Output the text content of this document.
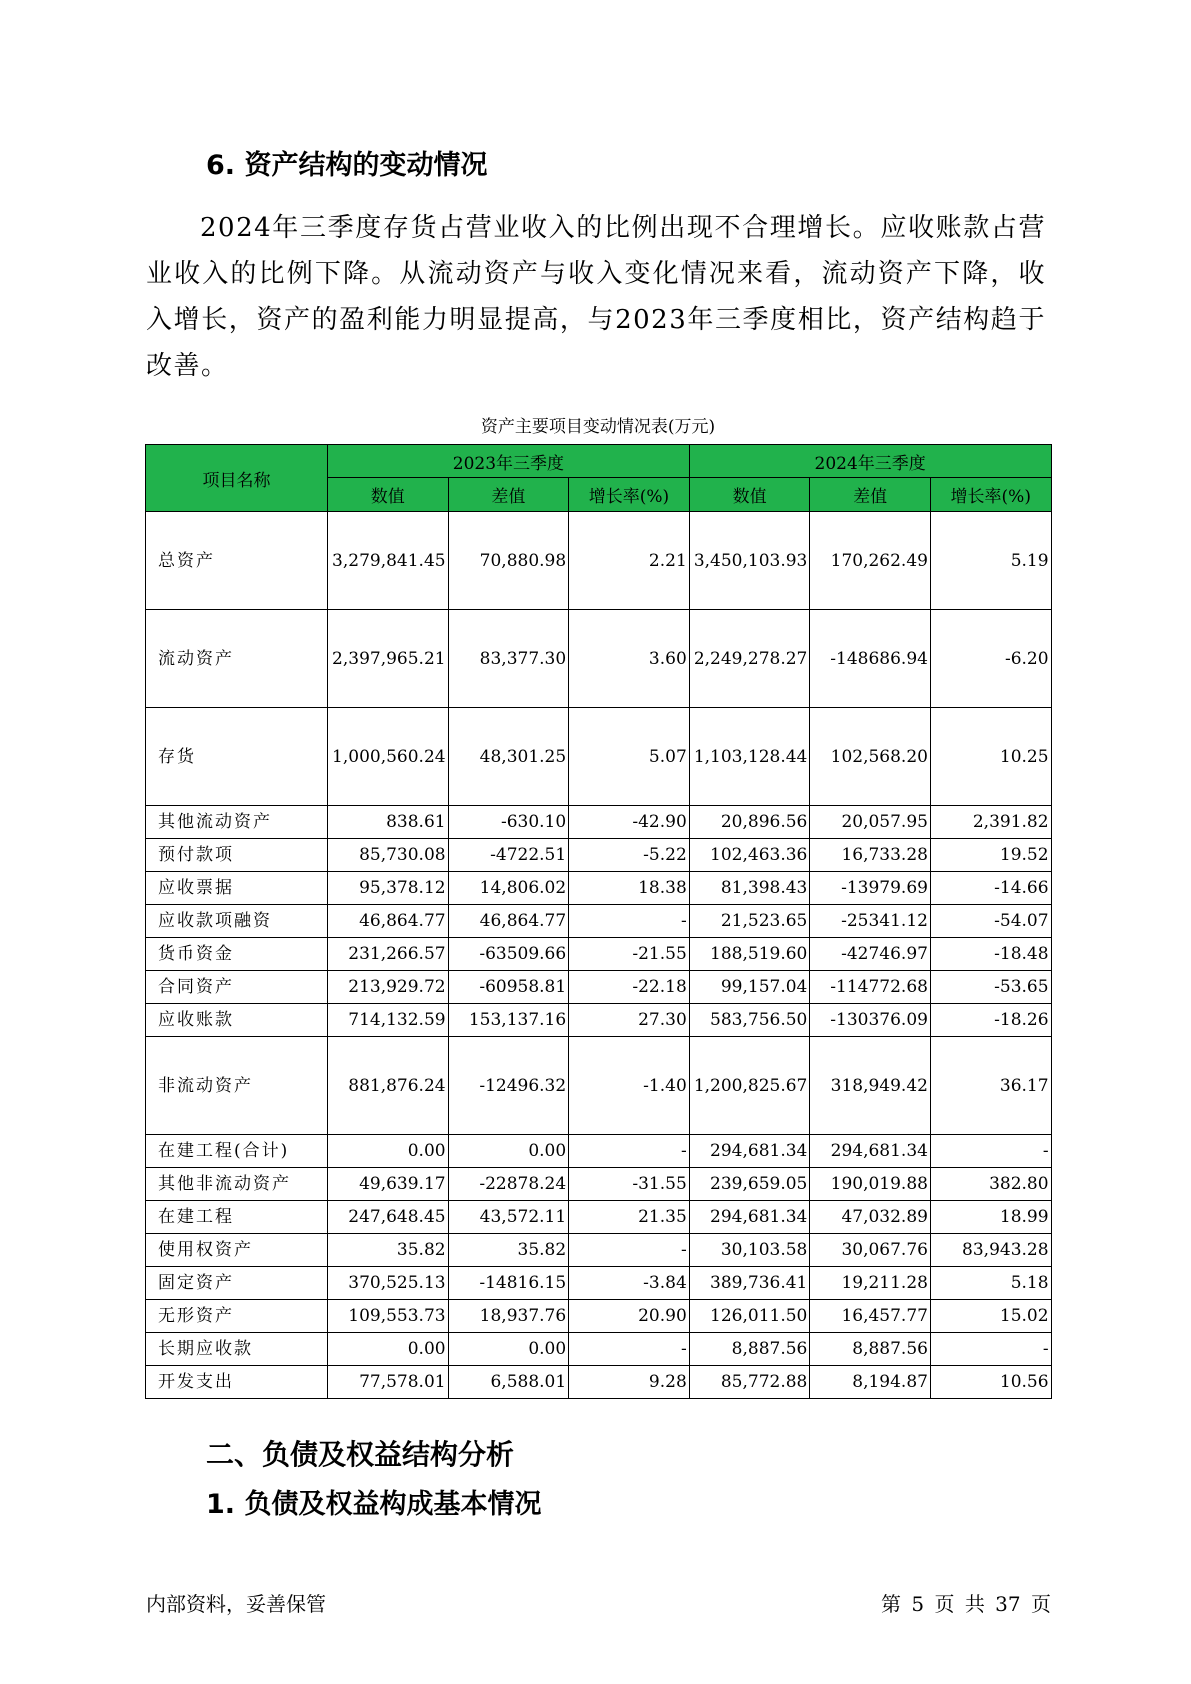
6. 资产结构的变动情况

2024年三季度存货占营业收入的比例出现不合理增长。应收账款占营业收入的比例下降。从流动资产与收入变化情况来看，流动资产下降，收入增长，资产的盈利能力明显提高，与2023年三季度相比，资产结构趋于改善。

资产主要项目变动情况表(万元)
项目名称	2023年三季度			2024年三季度		
	数值	差值	增长率(%)	数值	差值	增长率(%)
总资产	3,279,841.45	70,880.98	2.21	3,450,103.93	170,262.49	5.19
流动资产	2,397,965.21	83,377.30	3.60	2,249,278.27	-148686.94	-6.20
存货	1,000,560.24	48,301.25	5.07	1,103,128.44	102,568.20	10.25
其他流动资产	838.61	-630.10	-42.90	20,896.56	20,057.95	2,391.82
预付款项	85,730.08	-4722.51	-5.22	102,463.36	16,733.28	19.52
应收票据	95,378.12	14,806.02	18.38	81,398.43	-13979.69	-14.66
应收款项融资	46,864.77	46,864.77	-	21,523.65	-25341.12	-54.07
货币资金	231,266.57	-63509.66	-21.55	188,519.60	-42746.97	-18.48
合同资产	213,929.72	-60958.81	-22.18	99,157.04	-114772.68	-53.65
应收账款	714,132.59	153,137.16	27.30	583,756.50	-130376.09	-18.26
非流动资产	881,876.24	-12496.32	-1.40	1,200,825.67	318,949.42	36.17
在建工程(合计)	0.00	0.00	-	294,681.34	294,681.34	-
其他非流动资产	49,639.17	-22878.24	-31.55	239,659.05	190,019.88	382.80
在建工程	247,648.45	43,572.11	21.35	294,681.34	47,032.89	18.99
使用权资产	35.82	35.82	-	30,103.58	30,067.76	83,943.28
固定资产	370,525.13	-14816.15	-3.84	389,736.41	19,211.28	5.18
无形资产	109,553.73	18,937.76	20.90	126,011.50	16,457.77	15.02
长期应收款	0.00	0.00	-	8,887.56	8,887.56	-
开发支出	77,578.01	6,588.01	9.28	85,772.88	8,194.87	10.56
二、负债及权益结构分析
1. 负债及权益构成基本情况
内部资料，妥善保管	第 5 页 共 37 页
